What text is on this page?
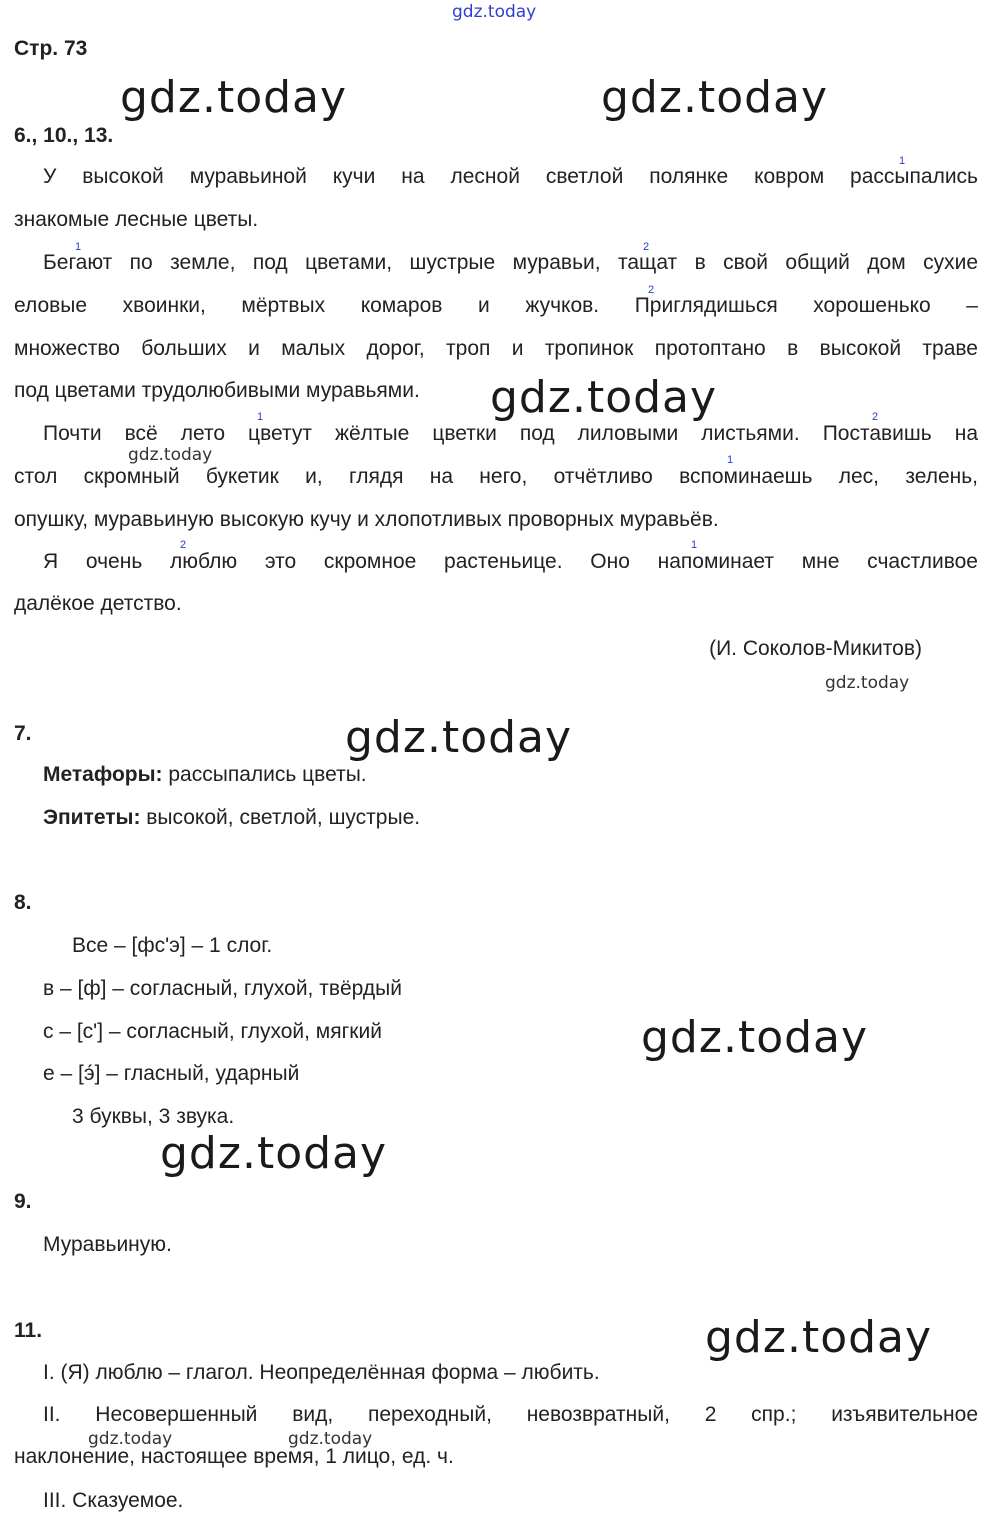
gdz.today
gdz.today	gdz.today
gdz.today
gdz.today
gdz.today
gdz.today
gdz.today
gdz.today
gdz.today
gdz.today	gdz.today
Стр. 73
6., 10., 13.
У высокой муравьиной кучи на лесной светлой полянке ковром рассыпались
знакомые лесные цветы.
Бегают по земле, под цветами, шустрые муравьи, тащат в свой общий дом сухие
еловые хвоинки, мёртвых комаров и жучков. Приглядишься хорошенько –
множество больших и малых дорог, троп и тропинок протоптано в высокой траве
под цветами трудолюбивыми муравьями.
Почти всё лето цветут жёлтые цветки под лиловыми листьями. Поставишь на
стол скромный букетик и, глядя на него, отчётливо вспоминаешь лес, зелень,
опушку, муравьиную высокую кучу и хлопотливых проворных муравьёв.
Я очень люблю это скромное растеньице. Оно напоминает мне счастливое
далёкое детство.
(И. Соколов-Микитов)
1
1	2
2
1	2
1
2	1
7.
Метафоры: рассыпались цветы.
Эпитеты: высокой, светлой, шустрые.
8.
Все – [фс'э] – 1 слог.
в – [ф] – согласный, глухой, твёрдый
с – [с'] – согласный, глухой, мягкий
е – [э́] – гласный, ударный
3 буквы, 3 звука.
9.
Муравьиную.
11.
I. (Я) люблю – глагол. Неопределённая форма – любить.
II. Несовершенный вид, переходный, невозвратный, 2 спр.; изъявительное
наклонение, настоящее время, 1 лицо, ед. ч.
III. Сказуемое.
